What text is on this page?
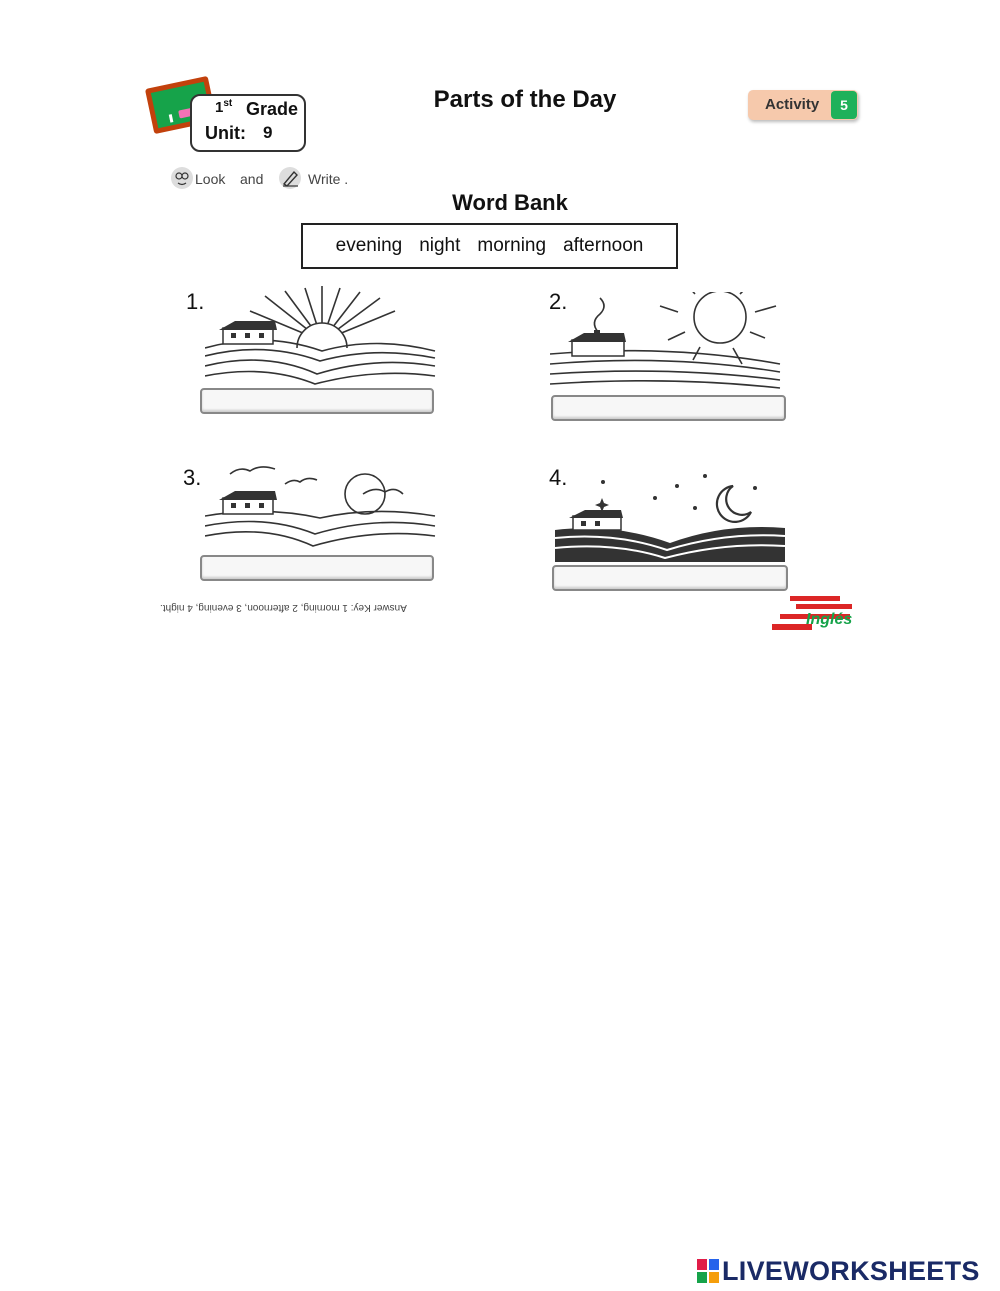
1st Grade
Unit: 9
Parts of the Day	Activity	5
Look and	Write .
Word Bank
evening night morning afternoon
1.	2.
3.	4.
Answer Key: 1 morning, 2 afternoon, 3 evening, 4 night.
Inglés
LIVEWORKSHEETS
